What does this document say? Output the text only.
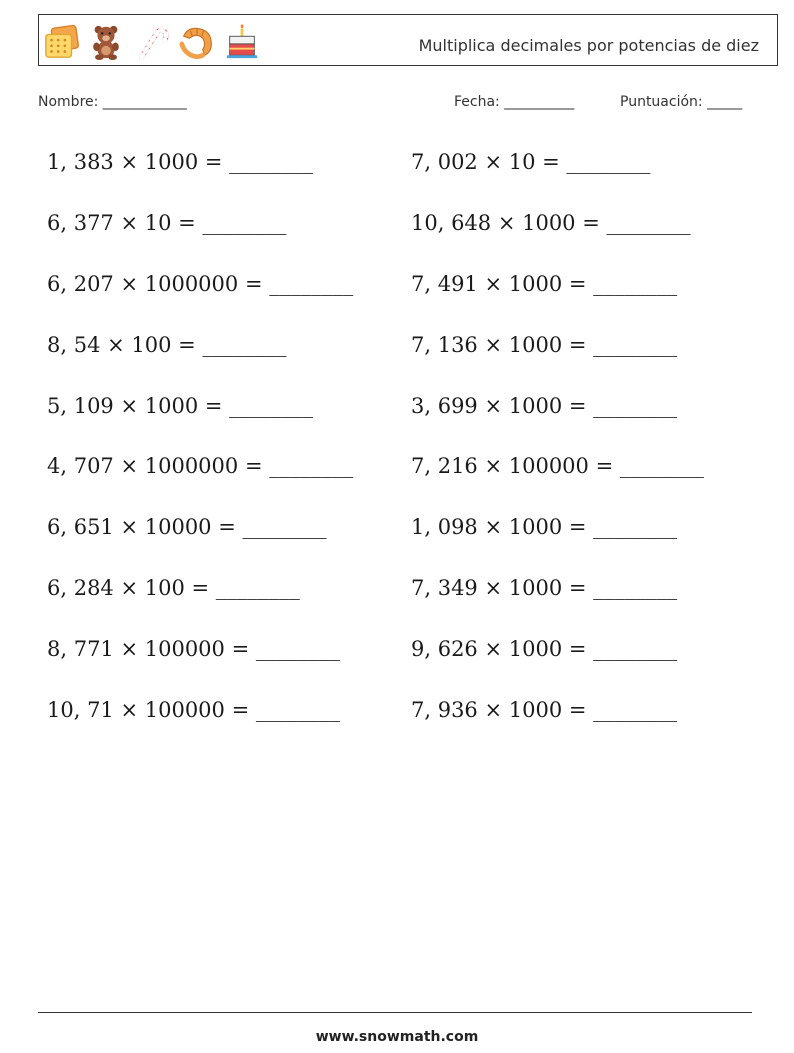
Multiplica decimales por potencias de diez
Nombre: ____________	Fecha: __________	Puntuación: _____
1, 383 × 1000 = ________
6, 377 × 10 = ________
6, 207 × 1000000 = ________
8, 54 × 100 = ________
5, 109 × 1000 = ________
4, 707 × 1000000 = ________
6, 651 × 10000 = ________
6, 284 × 100 = ________
8, 771 × 100000 = ________
10, 71 × 100000 = ________
7, 002 × 10 = ________
10, 648 × 1000 = ________
7, 491 × 1000 = ________
7, 136 × 1000 = ________
3, 699 × 1000 = ________
7, 216 × 100000 = ________
1, 098 × 1000 = ________
7, 349 × 1000 = ________
9, 626 × 1000 = ________
7, 936 × 1000 = ________
www.snowmath.com
